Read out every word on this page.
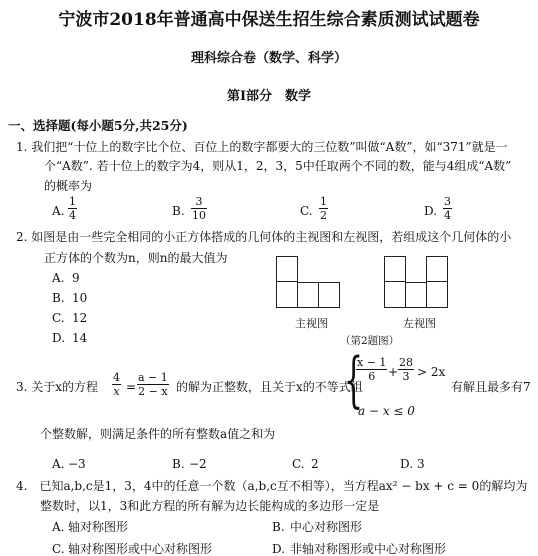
宁波市2018年普通高中保送生招生综合素质测试试题卷
理科综合卷（数学、科学）
第Ⅰ部分　数学
一、选择题(每小题5分,共25分)
1. 我们把“十位上的数字比个位、百位上的数字都要大的三位数”叫做“A数”，如“371”就是一
个“A数”. 若十位上的数字为4，则从1，2，3，5中任取两个不同的数，能与4组成“A数”
的概率为
A.
1
4	B.
3
10	C.
1
2	D.
3
4
2. 如图是由一些完全相同的小正方体搭成的几何体的主视图和左视图，若组成这个几何体的小
正方体的个数为n，则n的最大值为
A. 9
B. 10
C. 12
D. 14
主视图	左视图
（第2题图）
3. 关于x的方程
4
x =
a − 1
2 − x 的解为正整数，且关于x的不等式组
{
x − 1
6	+
28
3 > 2x
a − x ≤ 0
有解且最多有7
个整数解，则满足条件的所有整数a值之和为
A. −3	B. −2	C. 2	D. 3
4.　已知a,b,c是1，3，4中的任意一个数（a,b,c互不相等），当方程ax² − bx + c = 0的解均为
整数时，以1，3和此方程的所有解为边长能构成的多边形一定是
A. 轴对称图形	B. 中心对称图形
C. 轴对称图形或中心对称图形	D. 非轴对称图形或中心对称图形
